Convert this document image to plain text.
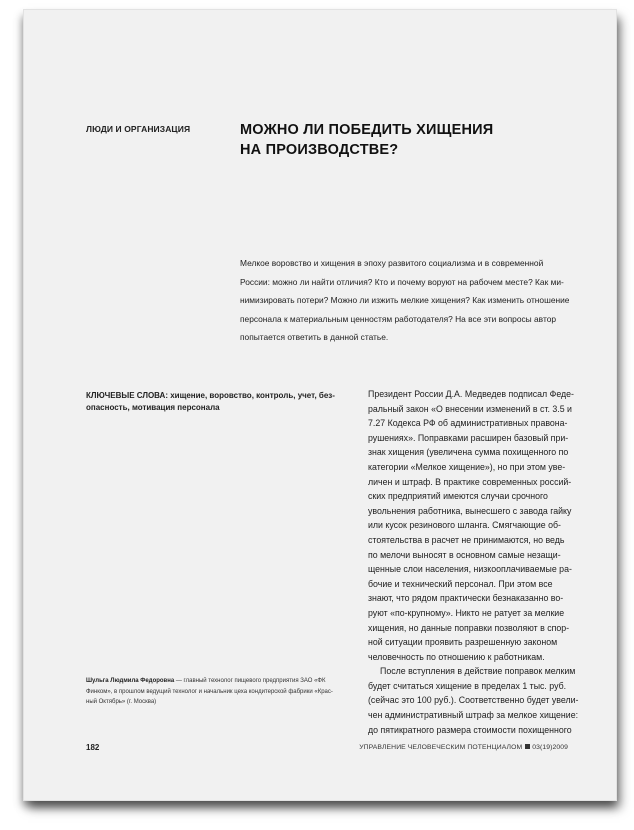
ЛЮДИ И ОРГАНИЗАЦИЯ	МОЖНО ЛИ ПОБЕДИТЬ ХИЩЕНИЯ
НА ПРОИЗВОДСТВЕ?
Мелкое воровство и хищения в эпоху развитого социализма и в современной
России: можно ли найти отличия? Кто и почему воруют на рабочем месте? Как ми-
нимизировать потери? Можно ли изжить мелкие хищения? Как изменить отношение
персонала к материальным ценностям работодателя? На все эти вопросы автор
попытается ответить в данной статье.
КЛЮЧЕВЫЕ СЛОВА: хищение, воровство, контроль, учет, без-
опасность, мотивация персонала
Президент России Д.А. Медведев подписал Феде-
ральный закон «О внесении изменений в ст. 3.5 и
7.27 Кодекса РФ об административных правона-
рушениях». Поправками расширен базовый при-
знак хищения (увеличена сумма похищенного по
категории «Мелкое хищение»), но при этом уве-
личен и штраф. В практике современных россий-
ских предприятий имеются случаи срочного
увольнения работника, вынесшего с завода гайку
или кусок резинового шланга. Смягчающие об-
стоятельства в расчет не принимаются, но ведь
по мелочи выносят в основном самые незащи-
щенные слои населения, низкооплачиваемые ра-
бочие и технический персонал. При этом все
знают, что рядом практически безнаказанно во-
руют «по-крупному». Никто не ратует за мелкие
хищения, но данные поправки позволяют в спор-
ной ситуации проявить разрешенную законом
человечность по отношению к работникам.
После вступления в действие поправок мелким
будет считаться хищение в пределах 1 тыс. руб.
(сейчас это 100 руб.). Соответственно будет увели-
чен административный штраф за мелкое хищение:
до пятикратного размера стоимости похищенного
Шульга Людмила Федоровна — главный технолог пищевого предприятия ЗАО «ФК
Финком», в прошлом ведущий технолог и начальник цеха кондитерской фабрики «Крас-
ный Октябрь» (г. Москва)
182	УПРАВЛЕНИЕ ЧЕЛОВЕЧЕСКИМ ПОТЕНЦИАЛОМ 03(19)2009
